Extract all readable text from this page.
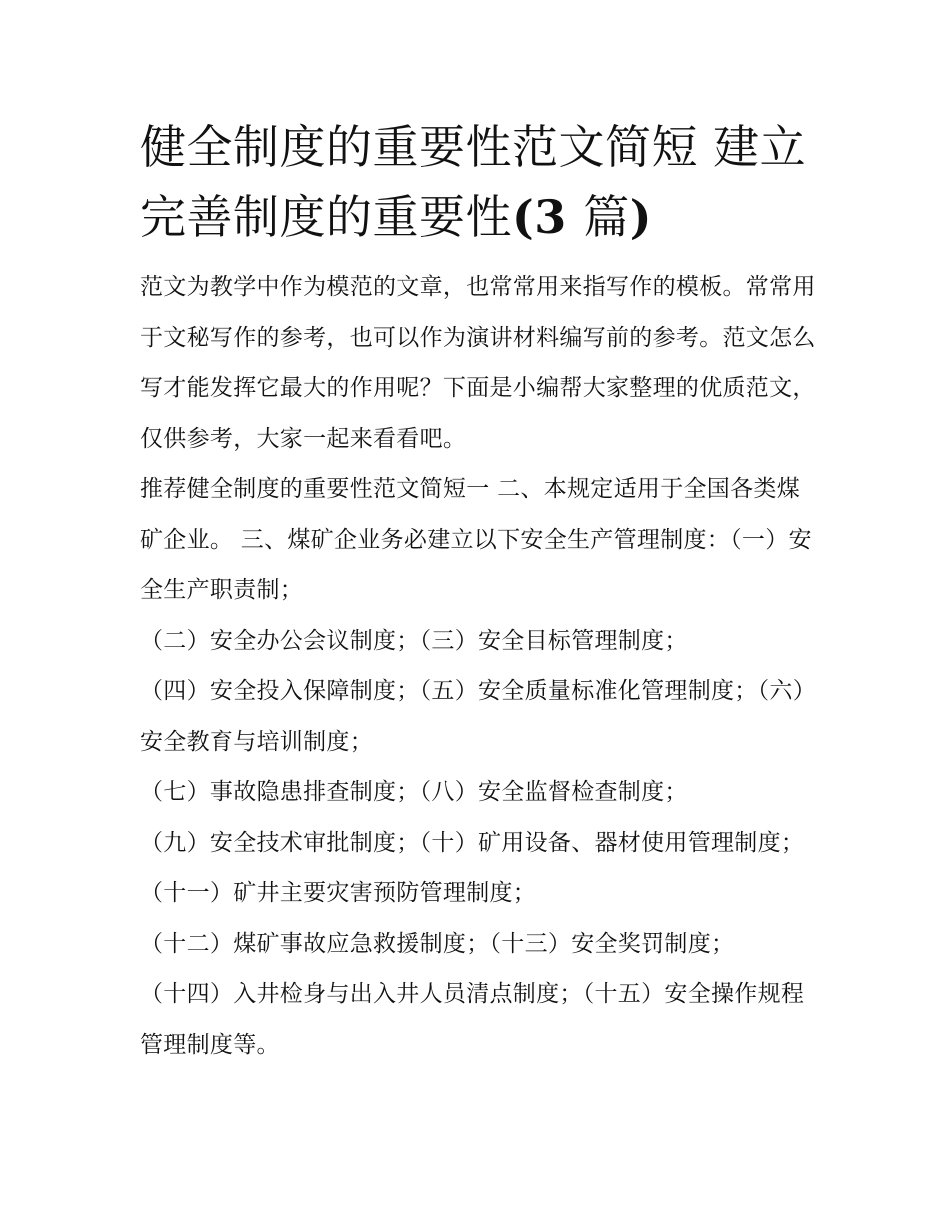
健全制度的重要性范文简短 建立完善制度的重要性(3 篇)

范文为教学中作为模范的文章，也常常用来指写作的模板。常常用于文秘写作的参考，也可以作为演讲材料编写前的参考。范文怎么写才能发挥它最大的作用呢？下面是小编帮大家整理的优质范文，仅供参考，大家一起来看看吧。

推荐健全制度的重要性范文简短一 二、本规定适用于全国各类煤矿企业。 三、煤矿企业务必建立以下安全生产管理制度：（一）安全生产职责制；

（二）安全办公会议制度；（三）安全目标管理制度；

（四）安全投入保障制度；（五）安全质量标准化管理制度；（六）安全教育与培训制度；

（七）事故隐患排查制度；（八）安全监督检查制度；

（九）安全技术审批制度；（十）矿用设备、器材使用管理制度；（十一）矿井主要灾害预防管理制度；

（十二）煤矿事故应急救援制度；（十三）安全奖罚制度；

（十四）入井检身与出入井人员清点制度；（十五）安全操作规程管理制度等。
